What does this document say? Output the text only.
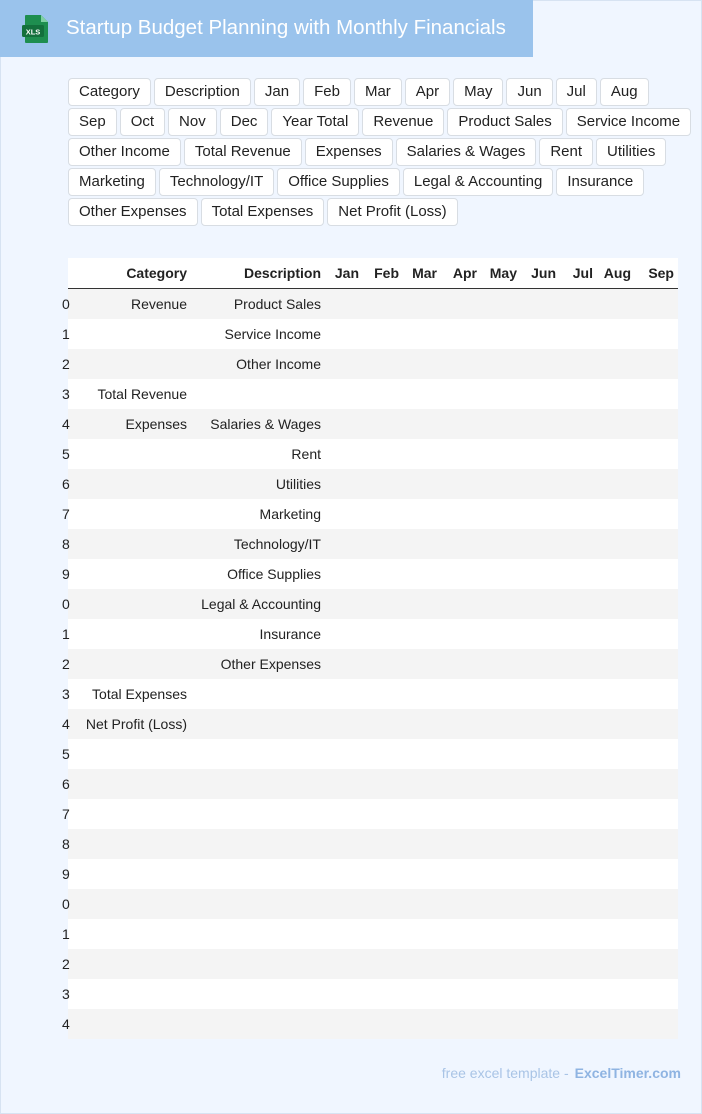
XLS Startup Budget Planning with Monthly Financials
Category	Description	Jan	Feb	Mar	Apr	May	Jun	Jul	Aug
Sep	Oct	Nov	Dec	Year Total	Revenue	Product Sales	Service Income
Other Income	Total Revenue	Expenses	Salaries & Wages	Rent	Utilities
Marketing	Technology/IT	Office Supplies	Legal & Accounting	Insurance
Other Expenses	Total Expenses	Net Profit (Loss)
	Category	Description	Jan	Feb	Mar	Apr	May	Jun	Jul	Aug	Sep
0	Revenue	Product Sales									
1		Service Income									
2		Other Income									
3	Total Revenue										
4	Expenses	Salaries & Wages									
5		Rent									
6		Utilities									
7		Marketing									
8		Technology/IT									
9		Office Supplies									
0		Legal & Accounting									
1		Insurance									
2		Other Expenses									
3	Total Expenses										
4	Net Profit (Loss)										
5											
6											
7											
8											
9											
0											
1											
2											
3											
4											
free excel template - ExcelTimer.com
